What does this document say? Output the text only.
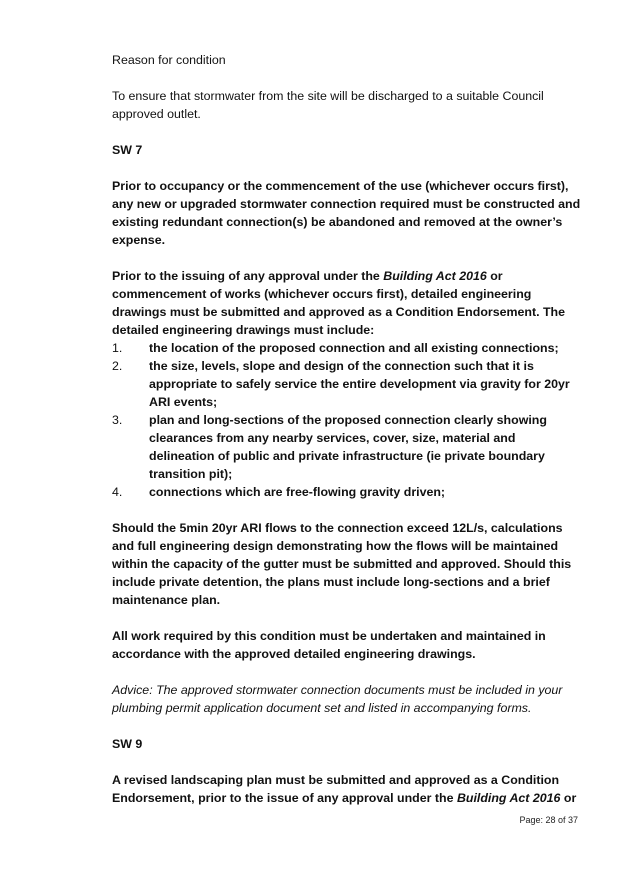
Reason for condition

To ensure that stormwater from the site will be discharged to a suitable Council approved outlet.

SW 7

Prior to occupancy or the commencement of the use (whichever occurs first), any new or upgraded stormwater connection required must be constructed and existing redundant connection(s) be abandoned and removed at the owner’s expense.

Prior to the issuing of any approval under the Building Act 2016 or commencement of works (whichever occurs first), detailed engineering drawings must be submitted and approved as a Condition Endorsement. The detailed engineering drawings must include:

1.	the location of the proposed connection and all existing connections;
2.	the size, levels, slope and design of the connection such that it is appropriate to safely service the entire development via gravity for 20yr ARI events;
3.	plan and long-sections of the proposed connection clearly showing clearances from any nearby services, cover, size, material and delineation of public and private infrastructure (ie private boundary transition pit);
4.	connections which are free-flowing gravity driven;

Should the 5min 20yr ARI flows to the connection exceed 12L/s, calculations and full engineering design demonstrating how the flows will be maintained within the capacity of the gutter must be submitted and approved. Should this include private detention, the plans must include long-sections and a brief maintenance plan.

All work required by this condition must be undertaken and maintained in accordance with the approved detailed engineering drawings.

Advice: The approved stormwater connection documents must be included in your plumbing permit application document set and listed in accompanying forms.

SW 9

A revised landscaping plan must be submitted and approved as a Condition Endorsement, prior to the issue of any approval under the Building Act 2016 or

Page: 28 of 37
